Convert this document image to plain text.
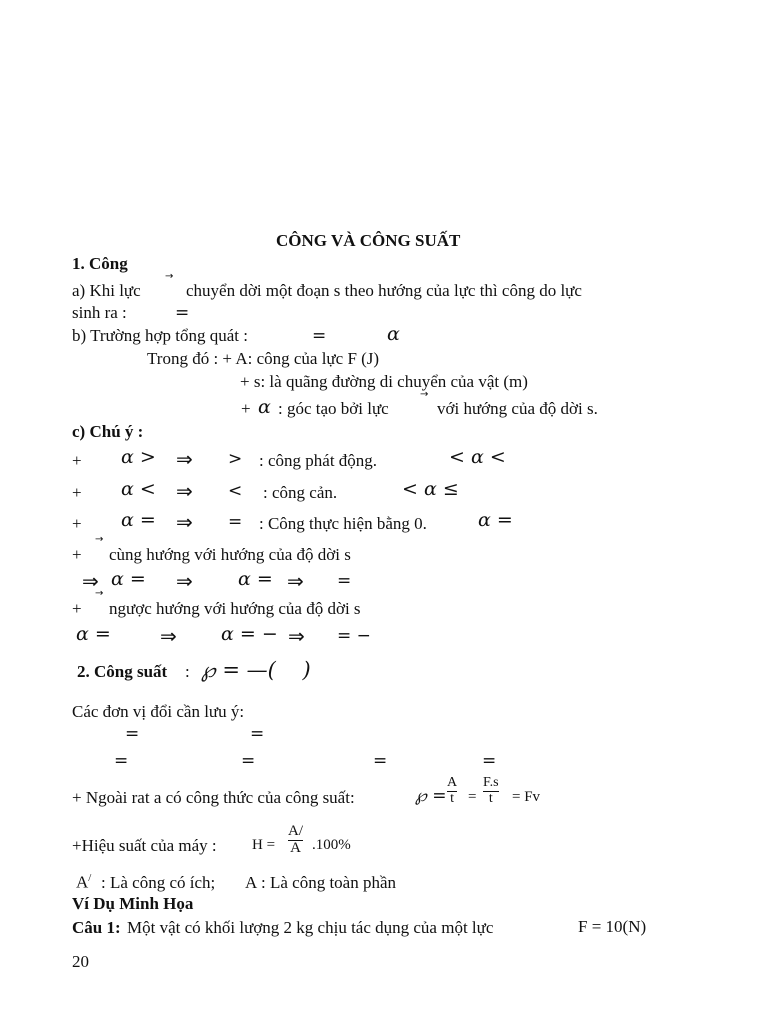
CÔNG VÀ CÔNG SUẤT
1. Công
a) Khi lực
→
chuyển dời một đoạn s theo hướng của lực thì công do lực
sinh ra :	=
b) Trường hợp tổng quát :	=	α
Trong đó : + A: công của lực F (J)
+ s: là quãng đường di chuyển của vật (m)
+ α : góc tạo bởi lực
→
với hướng của độ dời s.
c) Chú ý :
+ α > ⇒ > : công phát động.	< α <
+ α < ⇒ < : công cản.	< α ≤
+ α = ⇒ = : Công thực hiện bằng 0.	α =
+
→
cùng hướng với hướng của độ dời s
⇒ α = ⇒ α = ⇒ =
+
→
ngược hướng với hướng của độ dời s
α = ⇒ α = − ⇒ = −
2. Công suất : ℘ = —(    )
Các đơn vị đổi cần lưu ý:
=	=
=	=	=	=
+ Ngoài rat a có công thức của công suất:	℘ =
A
t =
F.s
t = Fv
+Hiệu suất của máy : H =
A/
A .100%
A/ : Là công có ích; A : Là công toàn phần
Ví Dụ Minh Họa
Câu 1: Một vật có khối lượng 2 kg chịu tác dụng của một lực	F = 10(N)
20
